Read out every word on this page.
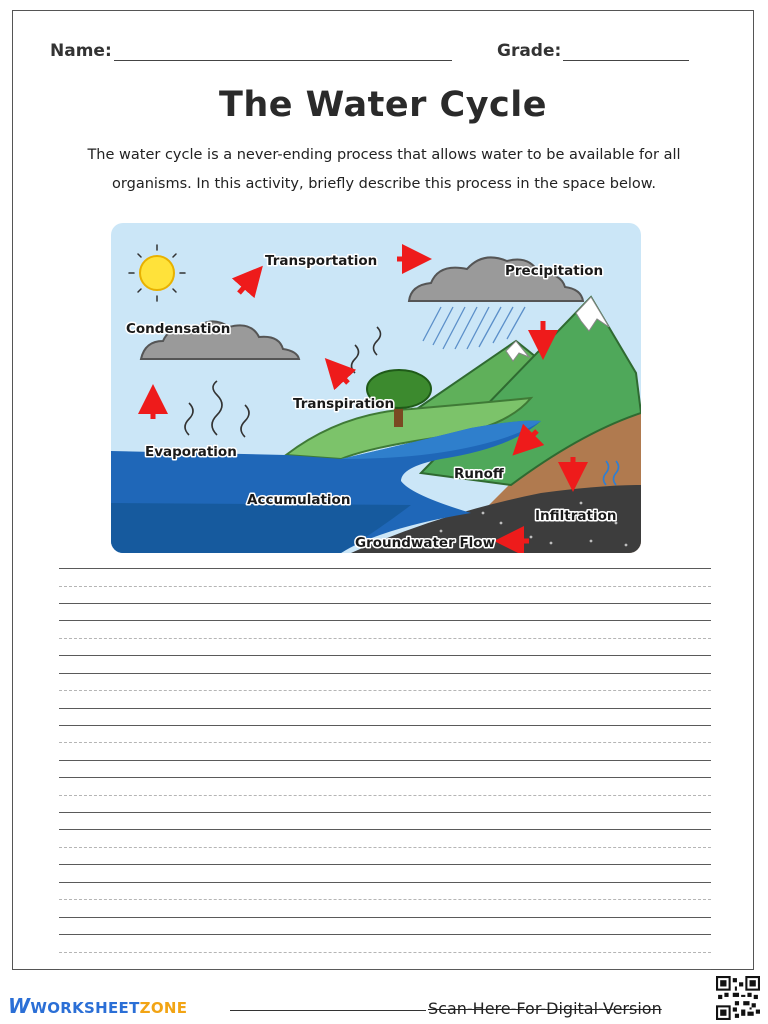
Name:	Grade:
The Water Cycle
The water cycle is a never-ending process that allows water to be available for all organisms. In this activity, briefly describe this process in the space below.
Transportation
Precipitation
Condensation
Transpiration
Evaporation
Runoff
Accumulation
Infiltration
Groundwater Flow
WWORKSHEETZONE	Scan-Here-For-Digital-Version
